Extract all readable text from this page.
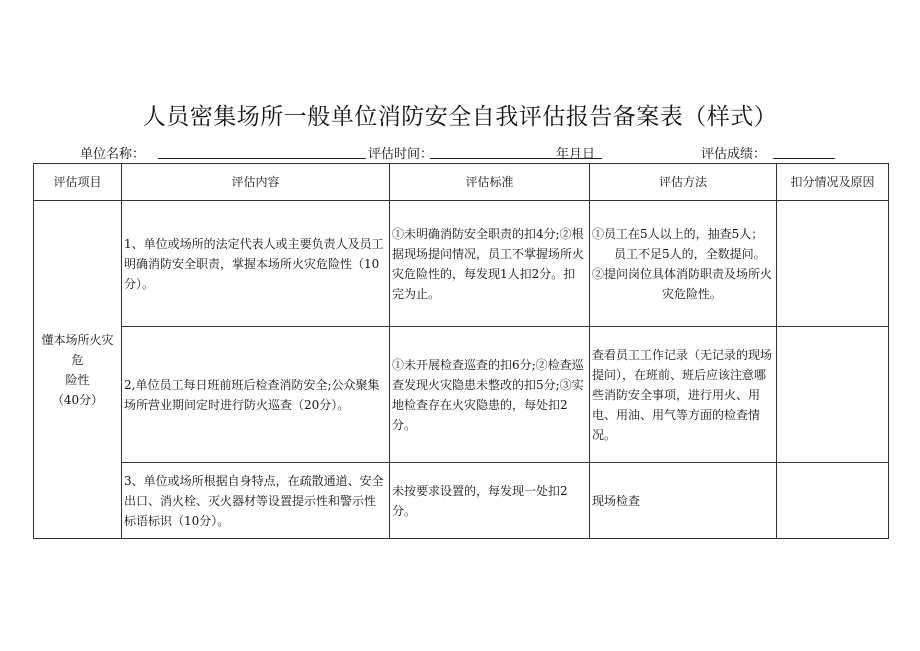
人员密集场所一般单位消防安全自我评估报告备案表（样式）
单位名称：	评估时间：	年月日	评估成绩：
评估项目	评估内容	评估标准	评估方法	扣分情况及原因

懂本场所火灾危
险性
（40分）	1、单位或场所的法定代表人或主要负责人及员工明确消防安全职责，掌握本场所火灾危险性（10分）。	①未明确消防安全职责的扣4分;②根据现场提问情况，员工不掌握场所火灾危险性的，每发现1人扣2分。扣完为止。	①员工在5人以上的，抽查5人；
员工不足5人的，全数提问。
②提问岗位具体消防职责及场所火
灾危险性。	

	2,单位员工每日班前班后检查消防安全;公众聚集场所营业期间定时进行防火巡查（20分）。	①未开展检查巡查的扣6分;②检查巡查发现火灾隐患未整改的扣5分;③实地检查存在火灾隐患的，每处扣2分。	查看员工工作记录（无记录的现场提问），在班前、班后应该注意哪些消防安全事项，进行用火、用电、用油、用气等方面的检查情况。	
	3、单位或场所根据自身特点，在疏散通道、安全出口、消火栓、灭火器材等设置提示性和警示性标语标识（10分）。	未按要求设置的，每发现一处扣2分。	现场检查	
